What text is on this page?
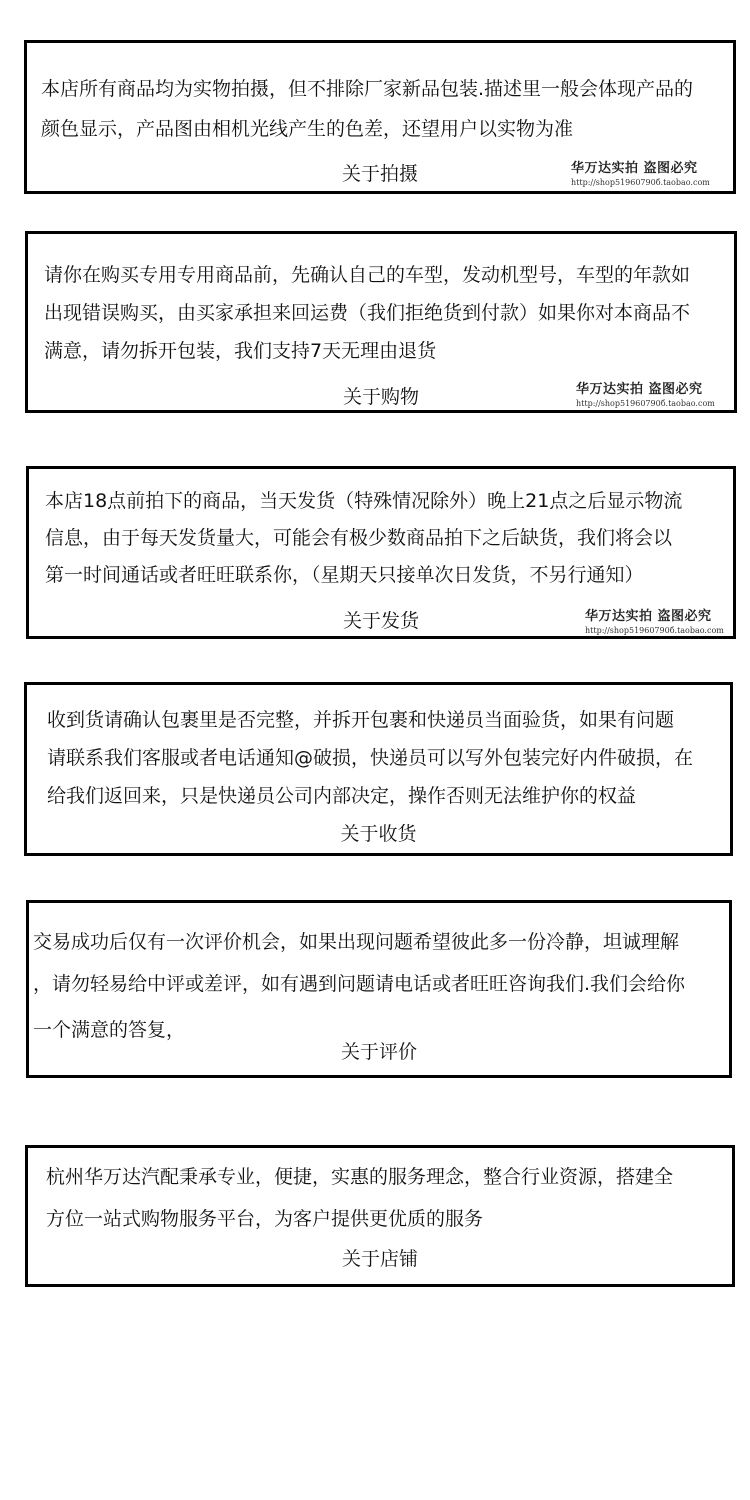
本店所有商品均为实物拍摄，但不排除厂家新品包装.描述里一般会体现产品的
颜色显示，产品图由相机光线产生的色差，还望用户以实物为准
关于拍摄	华万达实拍 盗图必究
http://shop51960790б.taobao.com
请你在购买专用专用商品前，先确认自己的车型，发动机型号，车型的年款如
出现错误购买，由买家承担来回运费（我们拒绝货到付款）如果你对本商品不
满意，请勿拆开包装，我们支持7天无理由退货
关于购物	华万达实拍 盗图必究
http://shop51960790б.taobao.com
本店18点前拍下的商品，当天发货（特殊情况除外）晚上21点之后显示物流
信息，由于每天发货量大，可能会有极少数商品拍下之后缺货，我们将会以
第一时间通话或者旺旺联系你，（星期天只接单次日发货，不另行通知）
关于发货	华万达实拍 盗图必究
http://shop51960790б.taobao.com
收到货请确认包裹里是否完整，并拆开包裹和快递员当面验货，如果有问题
请联系我们客服或者电话通知@破损，快递员可以写外包装完好内件破损，在
给我们返回来，只是快递员公司内部决定，操作否则无法维护你的权益
关于收货
交易成功后仅有一次评价机会，如果出现问题希望彼此多一份冷静，坦诚理解
，请勿轻易给中评或差评，如有遇到问题请电话或者旺旺咨询我们.我们会给你
一个满意的答复，
关于评价
杭州华万达汽配秉承专业，便捷，实惠的服务理念，整合行业资源，搭建全
方位一站式购物服务平台，为客户提供更优质的服务
关于店铺
